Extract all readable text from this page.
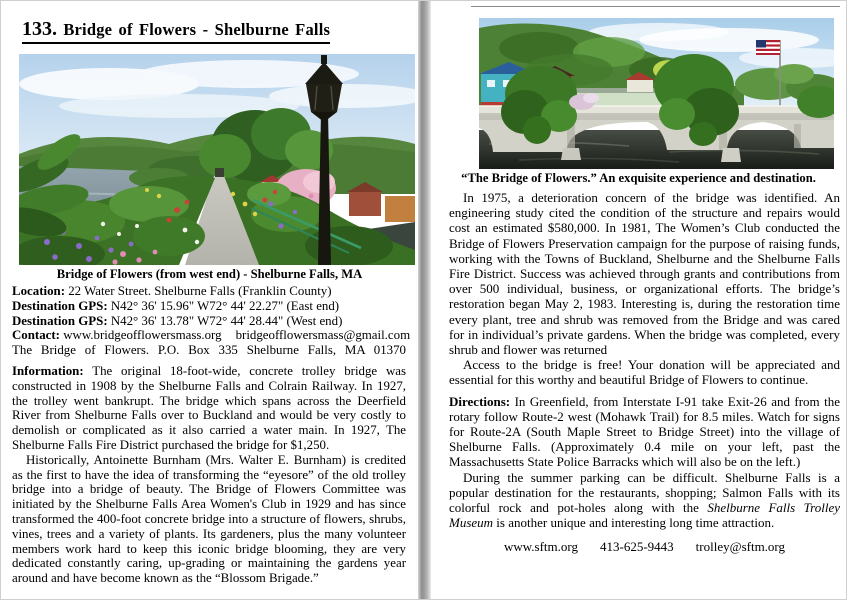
133. Bridge of Flowers - Shelburne Falls
Bridge of Flowers (from west end) - Shelburne Falls, MA
Location: 22 Water Street. Shelburne Falls (Franklin County)
Destination GPS: N42° 36' 15.96" W72° 44' 22.27" (East end)
Destination GPS: N42° 36' 13.78" W72° 44' 28.44" (West end)
Contact: www.bridgeofflowersmass.org bridgeofflowersmass@gmail.com
The Bridge of Flowers. P.O. Box 335 Shelburne Falls, MA 01370

Information: The original 18-foot-wide, concrete trolley bridge was constructed in 1908 by the Shelburne Falls and Colrain Railway. In 1927, the trolley went bankrupt. The bridge which spans across the Deerfield River from Shelburne Falls over to Buckland and would be very costly to demolish or complicated as it also carried a water main. In 1927, The Shelburne Falls Fire District purchased the bridge for $1,250.

Historically, Antoinette Burnham (Mrs. Walter E. Burnham) is credited as the first to have the idea of transforming the “eyesore” of the old trolley bridge into a bridge of beauty. The Bridge of Flowers Committee was initiated by the Shelburne Falls Area Women's Club in 1929 and has since transformed the 400-foot concrete bridge into a structure of flowers, shrubs, vines, trees and a variety of plants. Its gardeners, plus the many volunteer members work hard to keep this iconic bridge blooming, they are very dedicated constantly caring, up-grading or maintaining the gardens year around and have become known as the “Blossom Brigade.”

“The Bridge of Flowers.” An exquisite experience and destination.

In 1975, a deterioration concern of the bridge was identified. An engineering study cited the condition of the structure and repairs would cost an estimated $580,000. In 1981, The Women’s Club conducted the Bridge of Flowers Preservation campaign for the purpose of raising funds, working with the Towns of Buckland, Shelburne and the Shelburne Falls Fire District. Success was achieved through grants and contributions from over 500 individual, business, or organizational efforts. The bridge’s restoration began May 2, 1983. Interesting is, during the restoration time every plant, tree and shrub was removed from the Bridge and was cared for in individual’s private gardens. When the bridge was completed, every shrub and flower was returned

Access to the bridge is free! Your donation will be appreciated and essential for this worthy and beautiful Bridge of Flowers to continue.

Directions: In Greenfield, from Interstate I-91 take Exit-26 and from the rotary follow Route-2 west (Mohawk Trail) for 8.5 miles. Watch for signs for Route-2A (South Maple Street to Bridge Street) into the village of Shelburne Falls. (Approximately 0.4 mile on your left, past the Massachusetts State Police Barracks which will also be on the left.)

During the summer parking can be difficult. Shelburne Falls is a popular destination for the restaurants, shopping; Salmon Falls with its colorful rock and pot-holes along with the Shelburne Falls Trolley Museum is another unique and interesting long time attraction.

www.sftm.org 413-625-9443 trolley@sftm.org
